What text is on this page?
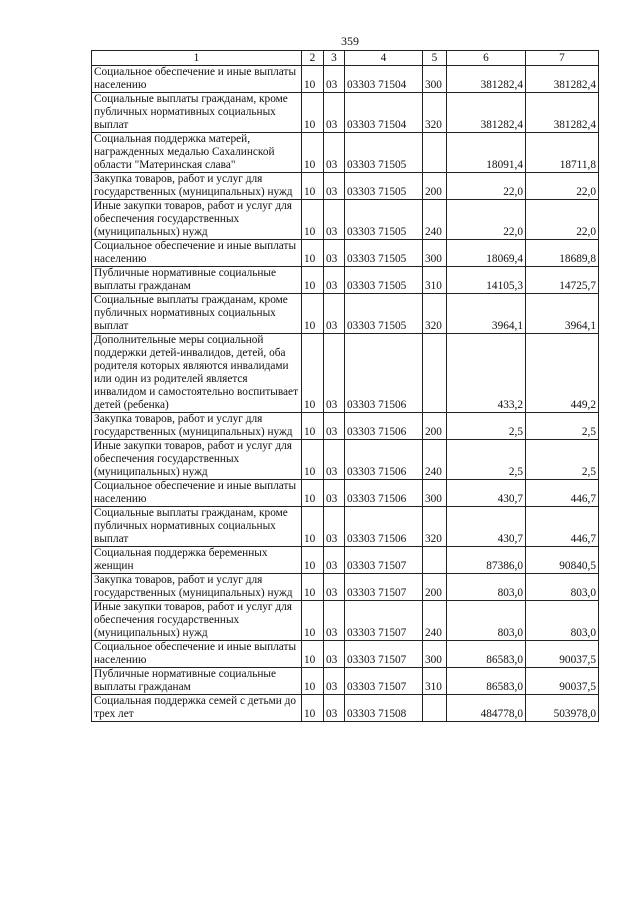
359
1	2	3	4	5	6	7
Социальное обеспечение и иные выплаты населению	10	03	03303 71504	300	381282,4	381282,4
Социальные выплаты гражданам, кроме публичных нормативных социальных выплат	10	03	03303 71504	320	381282,4	381282,4
Социальная поддержка матерей, награжденных медалью Сахалинской области "Материнская слава"	10	03	03303 71505		18091,4	18711,8
Закупка товаров, работ и услуг для государственных (муниципальных) нужд	10	03	03303 71505	200	22,0	22,0
Иные закупки товаров, работ и услуг для обеспечения государственных (муниципальных) нужд	10	03	03303 71505	240	22,0	22,0
Социальное обеспечение и иные выплаты населению	10	03	03303 71505	300	18069,4	18689,8
Публичные нормативные социальные выплаты гражданам	10	03	03303 71505	310	14105,3	14725,7
Социальные выплаты гражданам, кроме публичных нормативных социальных выплат	10	03	03303 71505	320	3964,1	3964,1
Дополнительные меры социальной поддержки детей-инвалидов, детей, оба родителя которых являются инвалидами или один из родителей является инвалидом и самостоятельно воспитывает детей (ребенка)	10	03	03303 71506		433,2	449,2
Закупка товаров, работ и услуг для государственных (муниципальных) нужд	10	03	03303 71506	200	2,5	2,5
Иные закупки товаров, работ и услуг для обеспечения государственных (муниципальных) нужд	10	03	03303 71506	240	2,5	2,5
Социальное обеспечение и иные выплаты населению	10	03	03303 71506	300	430,7	446,7
Социальные выплаты гражданам, кроме публичных нормативных социальных выплат	10	03	03303 71506	320	430,7	446,7
Социальная поддержка беременных женщин	10	03	03303 71507		87386,0	90840,5
Закупка товаров, работ и услуг для государственных (муниципальных) нужд	10	03	03303 71507	200	803,0	803,0
Иные закупки товаров, работ и услуг для обеспечения государственных (муниципальных) нужд	10	03	03303 71507	240	803,0	803,0
Социальное обеспечение и иные выплаты населению	10	03	03303 71507	300	86583,0	90037,5
Публичные нормативные социальные выплаты гражданам	10	03	03303 71507	310	86583,0	90037,5
Социальная поддержка семей с детьми до трех лет	10	03	03303 71508		484778,0	503978,0
